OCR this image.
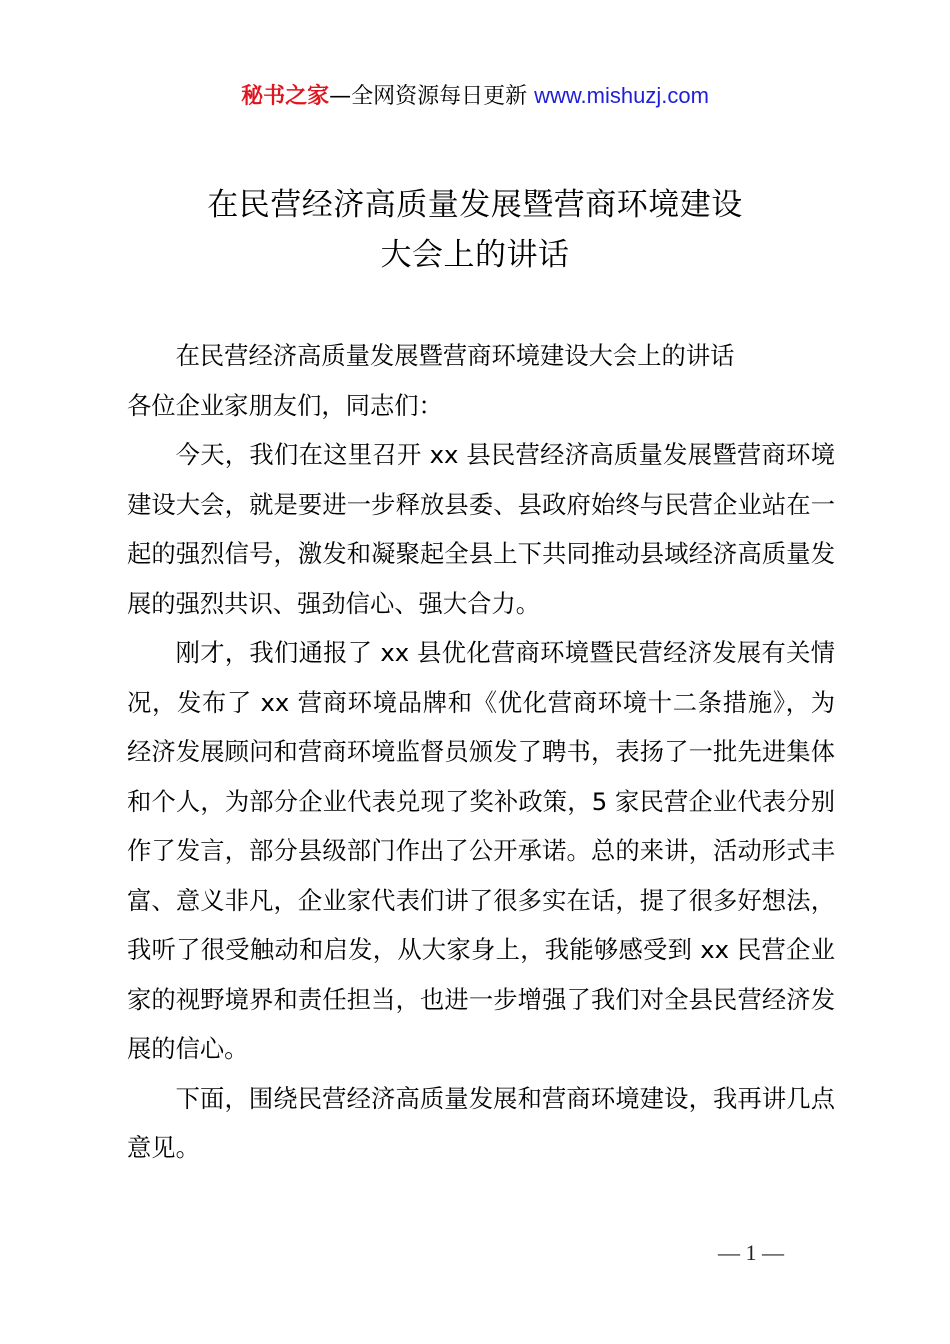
秘书之家—全网资源每日更新 www.mishuzj.com
在民营经济高质量发展暨营商环境建设
大会上的讲话

在民营经济高质量发展暨营商环境建设大会上的讲话

各位企业家朋友们，同志们：

今天，我们在这里召开 xx 县民营经济高质量发展暨营商环境建设大会，就是要进一步释放县委、县政府始终与民营企业站在一起的强烈信号，激发和凝聚起全县上下共同推动县域经济高质量发展的强烈共识、强劲信心、强大合力。

刚才，我们通报了 xx 县优化营商环境暨民营经济发展有关情况，发布了 xx 营商环境品牌和《优化营商环境十二条措施》，为经济发展顾问和营商环境监督员颁发了聘书，表扬了一批先进集体和个人，为部分企业代表兑现了奖补政策，5 家民营企业代表分别作了发言，部分县级部门作出了公开承诺。总的来讲，活动形式丰富、意义非凡，企业家代表们讲了很多实在话，提了很多好想法，我听了很受触动和启发，从大家身上，我能够感受到 xx 民营企业家的视野境界和责任担当，也进一步增强了我们对全县民营经济发展的信心。

下面，围绕民营经济高质量发展和营商环境建设，我再讲几点意见。

— 1 —
